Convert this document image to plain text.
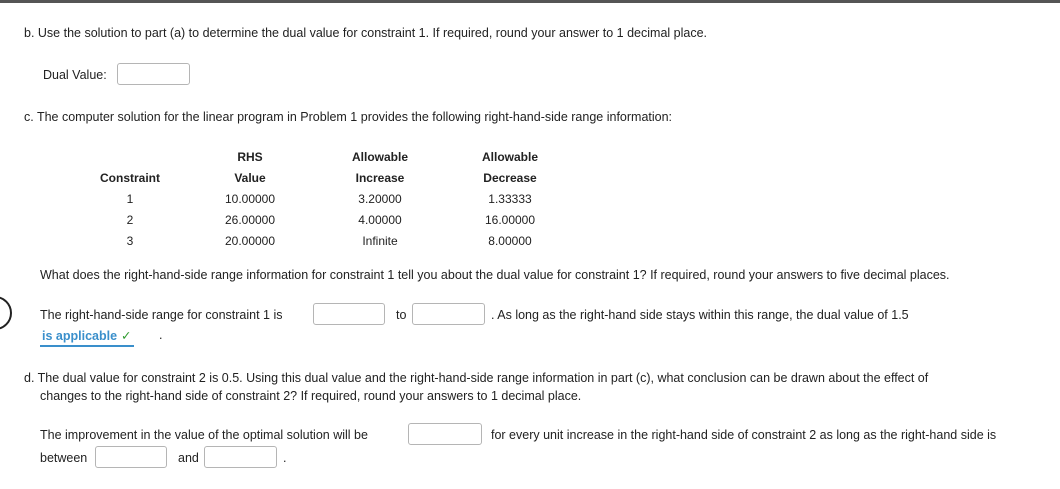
b. Use the solution to part (a) to determine the dual value for constraint 1. If required, round your answer to 1 decimal place.
Dual Value:
c. The computer solution for the linear program in Problem 1 provides the following right-hand-side range information:
	RHS	Allowable	Allowable
Constraint	Value	Increase	Decrease
1	10.00000	3.20000	1.33333
2	26.00000	4.00000	16.00000
3	20.00000	Infinite	8.00000
What does the right-hand-side range information for constraint 1 tell you about the dual value for constraint 1? If required, round your answers to five decimal places.
The right-hand-side range for constraint 1 is	to	. As long as the right-hand side stays within this range, the dual value of 1.5
is applicable ✓ .
d. The dual value for constraint 2 is 0.5. Using this dual value and the right-hand-side range information in part (c), what conclusion can be drawn about the effect of
changes to the right-hand side of constraint 2? If required, round your answers to 1 decimal place.
The improvement in the value of the optimal solution will be	for every unit increase in the right-hand side of constraint 2 as long as the right-hand side is
between	and	.
